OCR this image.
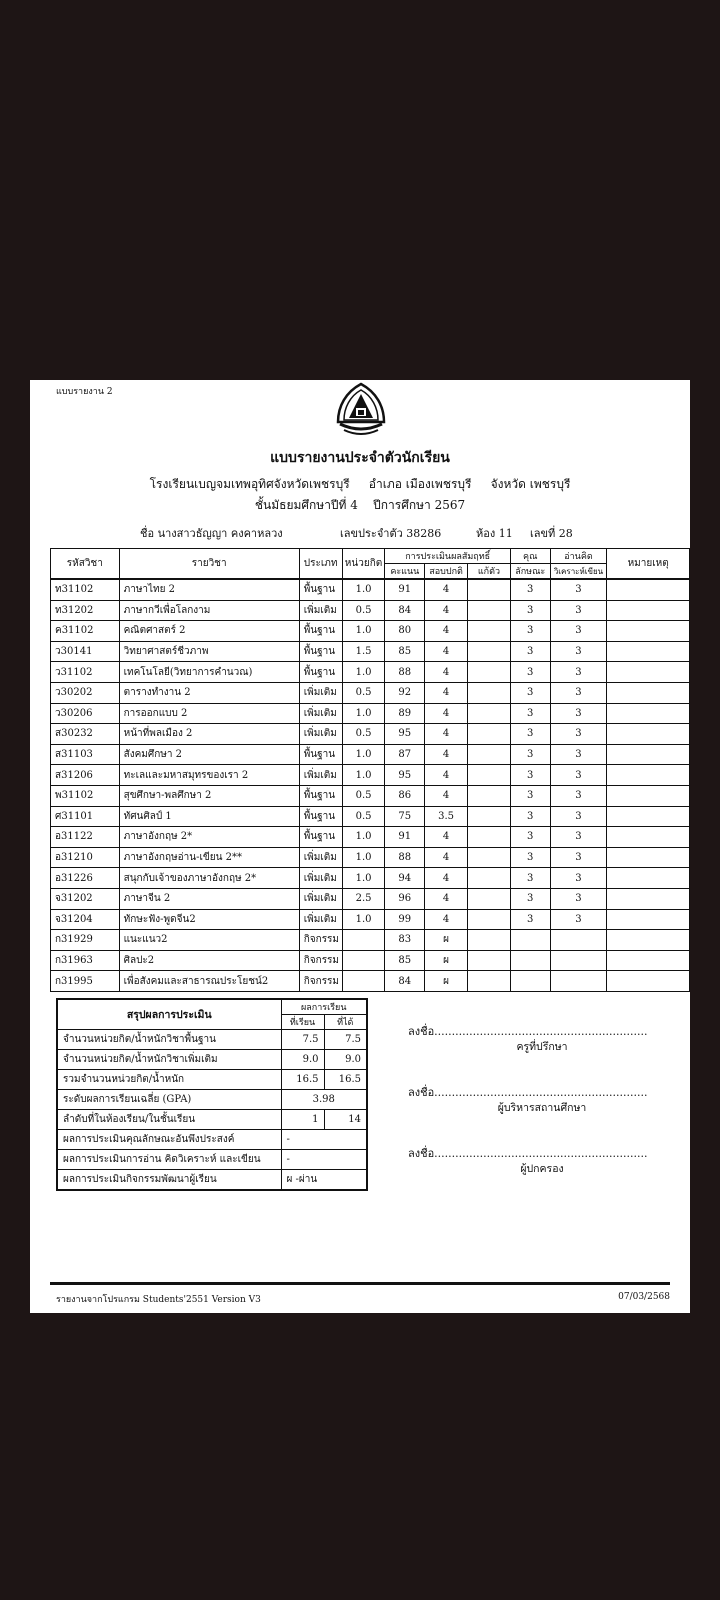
แบบรายงาน 2
แบบรายงานประจำตัวนักเรียน
โรงเรียนเบญจมเทพอุทิศจังหวัดเพชรบุรี อำเภอ เมืองเพชรบุรี จังหวัด เพชรบุรี
ชั้นมัธยมศึกษาปีที่ 4 ปีการศึกษา 2567
ชื่อ นางสาวธัญญา คงคาหลวง	เลขประจำตัว 38286	ห้อง 11 เลขที่ 28
รหัสวิชา	รายวิชา	ประเภท	หน่วยกิต	การประเมินผลสัมฤทธิ์			คุณ	อ่านคิด	หมายเหตุ
				คะแนน	สอบปกติ	แก้ตัว	ลักษณะ	วิเคราะห์เขียน	
ท31102	ภาษาไทย 2	พื้นฐาน	1.0	91	4		3	3	
ท31202	ภาษากวีเพื่อโลกงาม	เพิ่มเติม	0.5	84	4		3	3	
ค31102	คณิตศาสตร์ 2	พื้นฐาน	1.0	80	4		3	3	
ว30141	วิทยาศาสตร์ชีวภาพ	พื้นฐาน	1.5	85	4		3	3	
ว31102	เทคโนโลยี(วิทยาการคำนวณ)	พื้นฐาน	1.0	88	4		3	3	
ว30202	ตารางทำงาน 2	เพิ่มเติม	0.5	92	4		3	3	
ว30206	การออกแบบ 2	เพิ่มเติม	1.0	89	4		3	3	
ส30232	หน้าที่พลเมือง 2	เพิ่มเติม	0.5	95	4		3	3	
ส31103	สังคมศึกษา 2	พื้นฐาน	1.0	87	4		3	3	
ส31206	ทะเลและมหาสมุทรของเรา 2	เพิ่มเติม	1.0	95	4		3	3	
พ31102	สุขศึกษา-พลศึกษา 2	พื้นฐาน	0.5	86	4		3	3	
ศ31101	ทัศนศิลป์ 1	พื้นฐาน	0.5	75	3.5		3	3	
อ31122	ภาษาอังกฤษ 2*	พื้นฐาน	1.0	91	4		3	3	
อ31210	ภาษาอังกฤษอ่าน-เขียน 2**	เพิ่มเติม	1.0	88	4		3	3	
อ31226	สนุกกับเจ้าของภาษาอังกฤษ 2*	เพิ่มเติม	1.0	94	4		3	3	
จ31202	ภาษาจีน 2	เพิ่มเติม	2.5	96	4		3	3	
จ31204	ทักษะฟัง-พูดจีน2	เพิ่มเติม	1.0	99	4		3	3	
ก31929	แนะแนว2	กิจกรรม		83	ผ				
ก31963	ศิลปะ2	กิจกรรม		85	ผ				
ก31995	เพื่อสังคมและสาธารณประโยชน์2	กิจกรรม		84	ผ				
สรุปผลการประเมิน	ผลการเรียน	
	ที่เรียน	ที่ได้
จำนวนหน่วยกิต/น้ำหนักวิชาพื้นฐาน	7.5	7.5
จำนวนหน่วยกิต/น้ำหนักวิชาเพิ่มเติม	9.0	9.0
รวมจำนวนหน่วยกิต/น้ำหนัก	16.5	16.5
ระดับผลการเรียนเฉลี่ย (GPA)	3.98	
ลำดับที่ในห้องเรียน/ในชั้นเรียน	1	14
ผลการประเมินคุณลักษณะอันพึงประสงค์	-	
ผลการประเมินการอ่าน คิดวิเคราะห์ และเขียน	-	
ผลการประเมินกิจกรรมพัฒนาผู้เรียน	ผ -ผ่าน	
ลงชื่อ.............................................................
ครูที่ปรึกษา
ลงชื่อ.............................................................
ผู้บริหารสถานศึกษา
ลงชื่อ.............................................................
ผู้ปกครอง
รายงานจากโปรแกรม Students'2551 Version V3	07/03/2568
